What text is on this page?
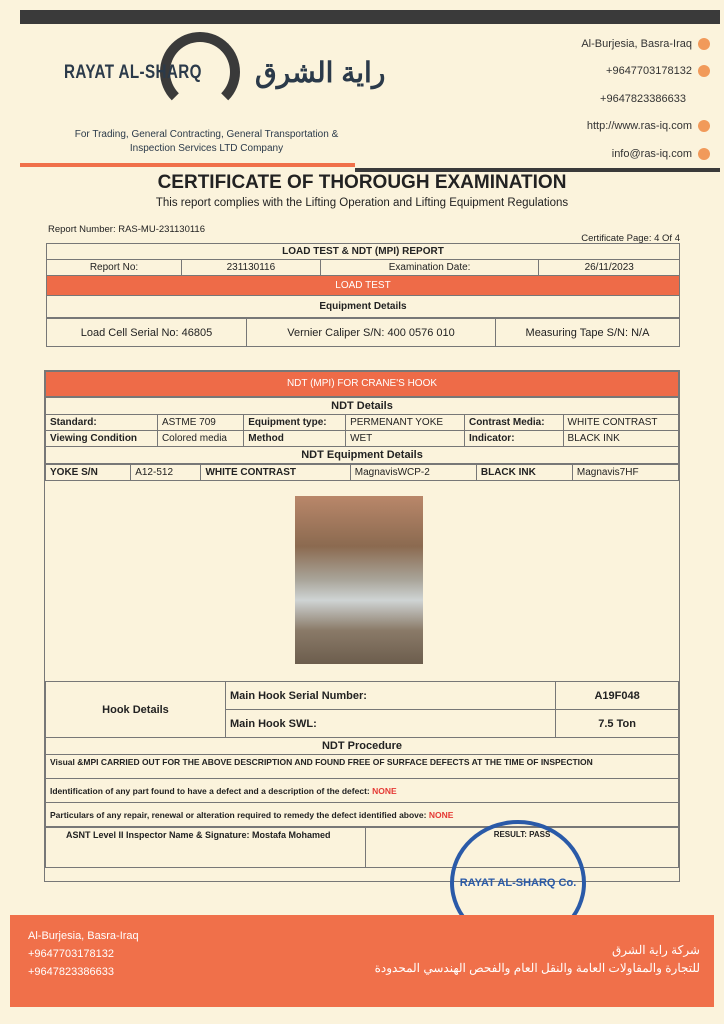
RAYAT AL-SHARQ راية الشرق
For Trading, General Contracting, General Transportation & Inspection Services LTD Company
Al-Burjesia, Basra-Iraq
+9647703178132
+9647823386633
http://www.ras-iq.com
info@ras-iq.com
CERTIFICATE OF THOROUGH EXAMINATION
This report complies with the Lifting Operation and Lifting Equipment Regulations
Report Number: RAS-MU-231130116
Certificate Page: 4 Of 4
LOAD TEST & NDT (MPI) REPORT
Report No:	231130116	Examination Date:	26/11/2023
LOAD TEST
Equipment Details
Load Cell Serial No: 46805	Vernier Caliper S/N: 400 0576 010	Measuring Tape S/N: N/A
NDT (MPI) FOR CRANE'S HOOK
NDT Details					
Standard:	ASTME 709	Equipment type:	PERMENANT YOKE	Contrast Media:	WHITE CONTRAST
Viewing Condition	Colored media	Method	WET	Indicator:	BLACK INK
NDT Equipment Details					
YOKE S/N	A12-512	WHITE CONTRAST	MagnavisWCP-2	BLACK INK	Magnavis7HF
Hook Details	Main Hook Serial Number:	A19F048
	Main Hook SWL:	7.5 Ton
NDT Procedure		
Visual &MPI CARRIED OUT FOR THE ABOVE DESCRIPTION AND FOUND FREE OF SURFACE DEFECTS AT THE TIME OF INSPECTION		
Identification of any part found to have a defect and a description of the defect: NONE		
Particulars of any repair, renewal or alteration required to remedy the defect identified above: NONE		
ASNT Level II Inspector Name & Signature: Mostafa Mohamed	RESULT: PASS
RAYAT AL-SHARQ Co.
Al-Burjesia, Basra-Iraq
+9647703178132
+9647823386633
شركة راية الشرق
للتجارة والمقاولات العامة والنقل العام والفحص الهندسي المحدودة
